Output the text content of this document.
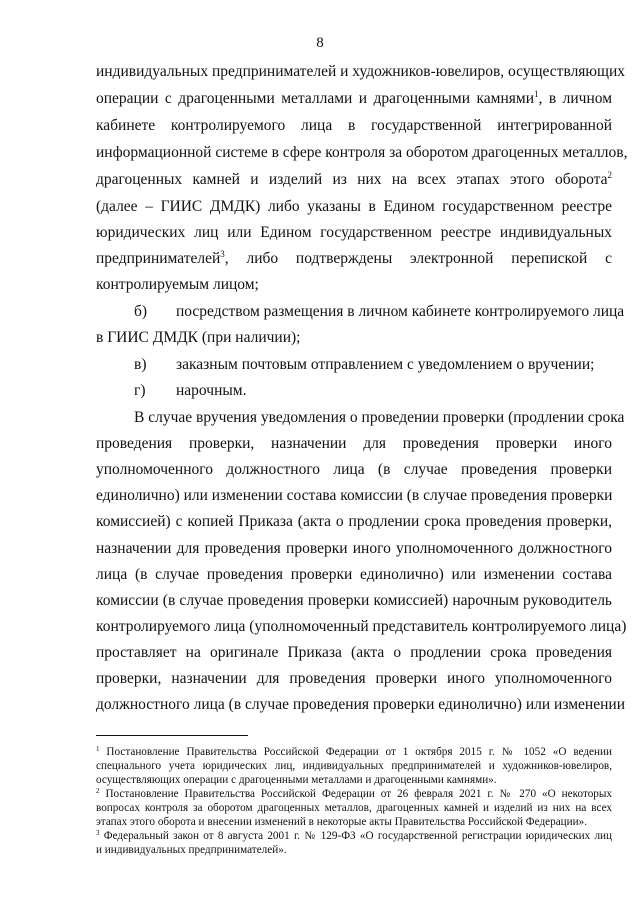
8
индивидуальных предпринимателей и художников-ювелиров, осуществляющих
операции с драгоценными металлами и драгоценными камнями$^1$, в личном
кабинете контролируемого лица в государственной интегрированной
информационной системе в сфере контроля за оборотом драгоценных металлов,
драгоценных камней и изделий из них на всех этапах этого оборота$^2$
(далее – ГИИС ДМДК) либо указаны в Едином государственном реестре
юридических лиц или Едином государственном реестре индивидуальных
предпринимателей$^3$, либо подтверждены электронной перепиской с
контролируемым лицом;
б) посредством размещения в личном кабинете контролируемого лица
в ГИИС ДМДК (при наличии);
в) заказным почтовым отправлением с уведомлением о вручении;
г) нарочным.
В случае вручения уведомления о проведении проверки (продлении срока
проведения проверки, назначении для проведения проверки иного
уполномоченного должностного лица (в случае проведения проверки
единолично) или изменении состава комиссии (в случае проведения проверки
комиссией) с копией Приказа (акта о продлении срока проведения проверки,
назначении для проведения проверки иного уполномоченного должностного
лица (в случае проведения проверки единолично) или изменении состава
комиссии (в случае проведения проверки комиссией) нарочным руководитель
контролируемого лица (уполномоченный представитель контролируемого лица)
проставляет на оригинале Приказа (акта о продлении срока проведения
проверки, назначении для проведения проверки иного уполномоченного
должностного лица (в случае проведения проверки единолично) или изменении
$^1$ Постановление Правительства Российской Федерации от 1 октября 2015 г. № 1052 «О ведении
специального учета юридических лиц, индивидуальных предпринимателей и художников-ювелиров,
осуществляющих операции с драгоценными металлами и драгоценными камнями».
$^2$ Постановление Правительства Российской Федерации от 26 февраля 2021 г. № 270 «О некоторых
вопросах контроля за оборотом драгоценных металлов, драгоценных камней и изделий из них на всех
этапах этого оборота и внесении изменений в некоторые акты Правительства Российской Федерации».
$^3$ Федеральный закон от 8 августа 2001 г. № 129-ФЗ «О государственной регистрации юридических лиц
и индивидуальных предпринимателей».
